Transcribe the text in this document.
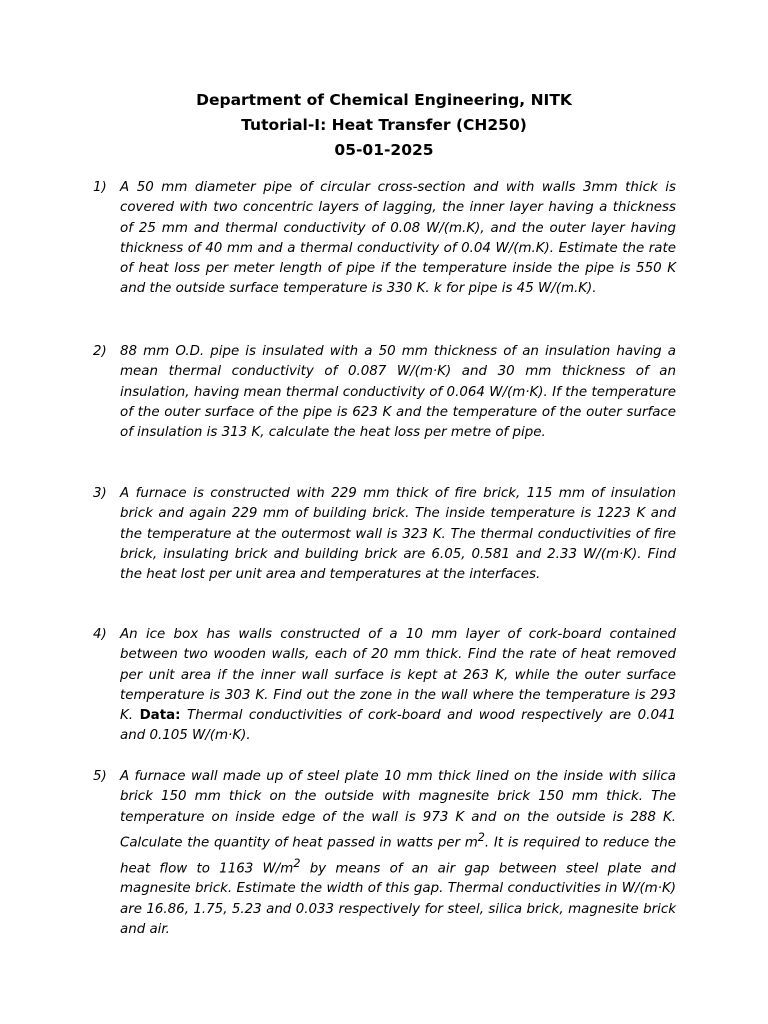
Department of Chemical Engineering, NITK
Tutorial-I: Heat Transfer (CH250)
05-01-2025
1) A 50 mm diameter pipe of circular cross-section and with walls 3mm thick is covered with two concentric layers of lagging, the inner layer having a thickness of 25 mm and thermal conductivity of 0.08 W/(m.K), and the outer layer having thickness of 40 mm and a thermal conductivity of 0.04 W/(m.K). Estimate the rate of heat loss per meter length of pipe if the temperature inside the pipe is 550 K and the outside surface temperature is 330 K. k for pipe is 45 W/(m.K).
2) 88 mm O.D. pipe is insulated with a 50 mm thickness of an insulation having a mean thermal conductivity of 0.087 W/(m·K) and 30 mm thickness of an insulation, having mean thermal conductivity of 0.064 W/(m·K). If the temperature of the outer surface of the pipe is 623 K and the temperature of the outer surface of insulation is 313 K, calculate the heat loss per metre of pipe.
3) A furnace is constructed with 229 mm thick of fire brick, 115 mm of insulation brick and again 229 mm of building brick. The inside temperature is 1223 K and the temperature at the outermost wall is 323 K. The thermal conductivities of fire brick, insulating brick and building brick are 6.05, 0.581 and 2.33 W/(m·K). Find the heat lost per unit area and temperatures at the interfaces.
4) An ice box has walls constructed of a 10 mm layer of cork-board contained between two wooden walls, each of 20 mm thick. Find the rate of heat removed per unit area if the inner wall surface is kept at 263 K, while the outer surface temperature is 303 K. Find out the zone in the wall where the temperature is 293 K. Data: Thermal conductivities of cork-board and wood respectively are 0.041 and 0.105 W/(m·K).
5) A furnace wall made up of steel plate 10 mm thick lined on the inside with silica brick 150 mm thick on the outside with magnesite brick 150 mm thick. The temperature on inside edge of the wall is 973 K and on the outside is 288 K. Calculate the quantity of heat passed in watts per $m^2$. It is required to reduce the heat flow to 1163 $W/m^2$ by means of an air gap between steel plate and magnesite brick. Estimate the width of this gap. Thermal conductivities in W/(m·K) are 16.86, 1.75, 5.23 and 0.033 respectively for steel, silica brick, magnesite brick and air.
